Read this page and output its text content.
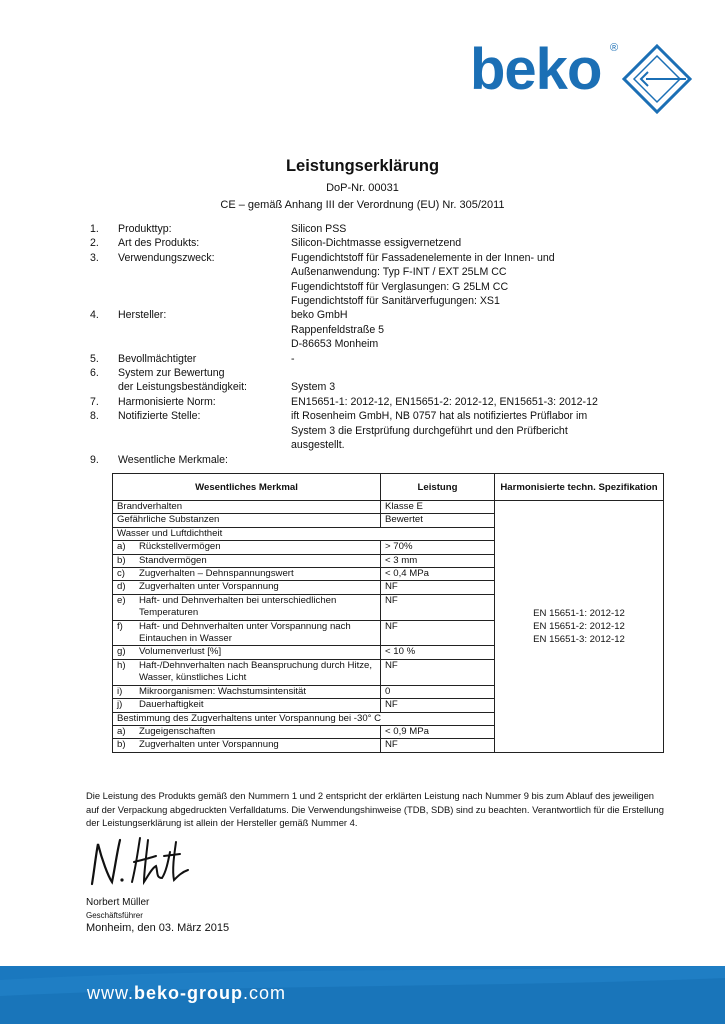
beko ®
Leistungserklärung
DoP-Nr. 00031
CE – gemäß Anhang III der Verordnung (EU) Nr. 305/2011
1.	Produkttyp:	Silicon PSS
2.	Art des Produkts:	Silicon-Dichtmasse essigvernetzend
3.	Verwendungszweck:	Fugendichtstoff für Fassadenelemente in der Innen- und
Außenanwendung: Typ F-INT / EXT 25LM CC
Fugendichtstoff für Verglasungen: G 25LM CC
Fugendichtstoff für Sanitärverfugungen: XS1
4.	Hersteller:	beko GmbH
Rappenfeldstraße 5
D-86653 Monheim
5.	Bevollmächtigter	-
6.	System zur Bewertung
der Leistungsbeständigkeit:	System 3
7.	Harmonisierte Norm:	EN15651-1: 2012-12, EN15651-2: 2012-12, EN15651-3: 2012-12
8.	Notifizierte Stelle:	ift Rosenheim GmbH, NB 0757 hat als notifiziertes Prüflabor im
System 3 die Erstprüfung durchgeführt und den Prüfbericht
ausgestellt.
9.	Wesentliche Merkmale:
Wesentliches Merkmal	Leistung	Harmonisierte techn. Spezifikation

Brandverhalten	Klasse E	EN 15651-1: 2012-12
EN 15651-2: 2012-12
EN 15651-3: 2012-12

Gefährliche Substanzen	Bewertet	
Wasser und Luftdichtheit		

a) Rückstellvermögen	> 70%	

b) Standvermögen	< 3 mm	

c) Zugverhalten – Dehnspannungswert	< 0,4 MPa	

d) Zugverhalten unter Vorspannung	NF	

e) Haft- und Dehnverhalten bei unterschiedlichen Temperaturen	NF	

f) Haft- und Dehnverhalten unter Vorspannung nach Eintauchen in Wasser	NF	

g) Volumenverlust [%]	< 10 %	

h) Haft-/Dehnverhalten nach Beanspruchung durch Hitze, Wasser, künstliches Licht	NF	

i) Mikroorganismen: Wachstumsintensität	0	

j) Dauerhaftigkeit	NF	
Bestimmung des Zugverhaltens unter Vorspannung bei -30° C		

a) Zugeigenschaften	< 0,9 MPa	

b) Zugverhalten unter Vorspannung	NF	
Die Leistung des Produkts gemäß den Nummern 1 und 2 entspricht der erklärten Leistung nach Nummer 9 bis zum Ablauf des jeweiligen auf der Verpackung abgedruckten Verfalldatums. Die Verwendungshinweise (TDB, SDB) sind zu beachten. Verantwortlich für die Erstellung der Leistungserklärung ist allein der Hersteller gemäß Nummer 4.
Norbert Müller
Geschäftsführer
Monheim, den 03. März 2015
www.beko-group.com
